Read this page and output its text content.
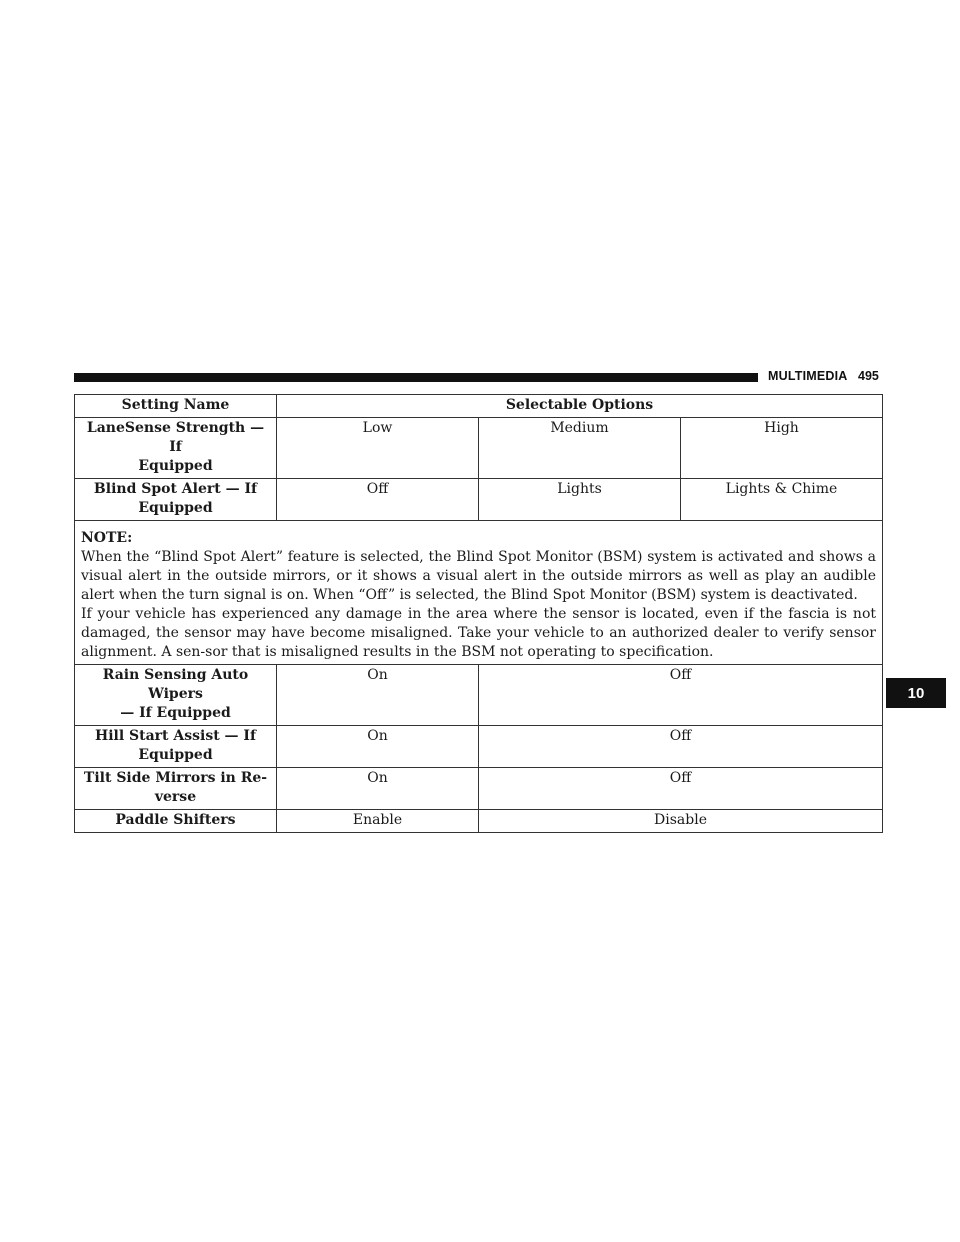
MULTIMEDIA 495
10
Setting Name	Selectable Options		
LaneSense Strength — If
Equipped	Low	Medium	High
Blind Spot Alert — If
Equipped	Off	Lights	Lights & Chime

NOTE:

When the “Blind Spot Alert” feature is selected, the Blind Spot Monitor (BSM) system is activated and shows a visual alert in the outside mirrors, or it shows a visual alert in the outside mirrors as well as play an audible alert when the turn signal is on. When “Off” is selected, the Blind Spot Monitor (BSM) system is deactivated.

If your vehicle has experienced any damage in the area where the sensor is located, even if the fascia is not damaged, the sensor may have become misaligned. Take your vehicle to an authorized dealer to verify sensor alignment. A sen-sor that is misaligned results in the BSM not operating to specification.			

Rain Sensing Auto Wipers
— If Equipped	On	Off	
Hill Start Assist — If
Equipped	On	Off	
Tilt Side Mirrors in Re-
verse	On	Off	
Paddle Shifters	Enable	Disable	
